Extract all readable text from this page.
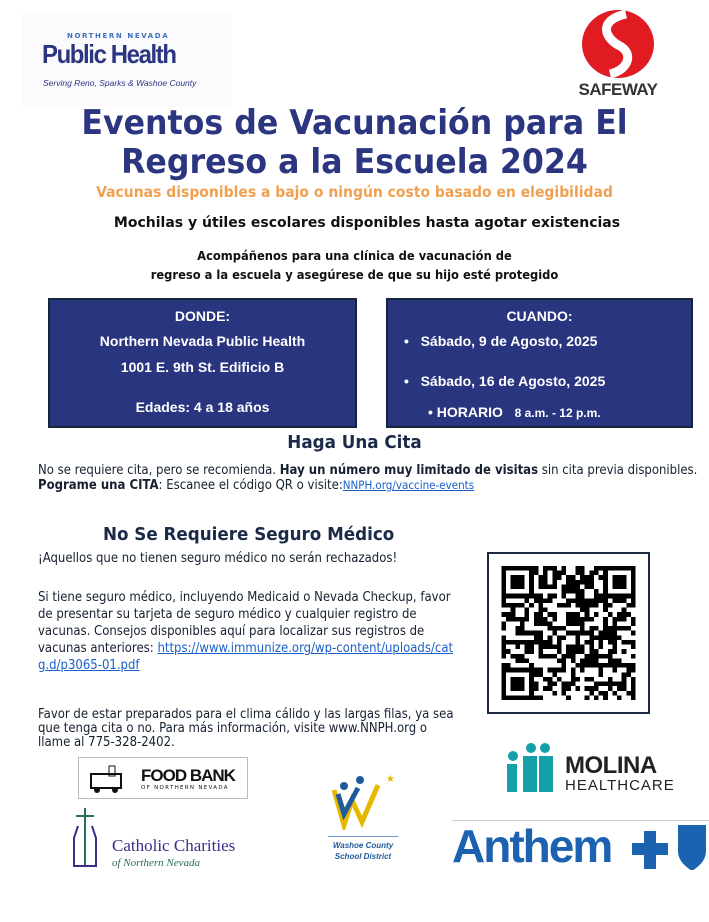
NORTHERN NEVADA
Public Health
Serving Reno, Sparks & Washoe County	SAFEWAY
Eventos de Vacunación para El
Regreso a la Escuela 2024
Vacunas disponibles a bajo o ningún costo basado en elegibilidad
Mochilas y útiles escolares disponibles hasta agotar existencias
Acompáñenos para una clínica de vacunación de
regreso a la escuela y asegúrese de que su hijo esté protegido
DONDE:
Northern Nevada Public Health
1001 E. 9th St. Edificio B
Edades: 4 a 18 años
CUANDO:
•   Sábado, 9 de Agosto, 2025
•   Sábado, 16 de Agosto, 2025
• HORARIO 8 a.m. - 12 p.m.
Haga Una Cita
No se requiere cita, pero se recomienda. Hay un número muy limitado de visitas sin cita previa disponibles.
Pograme una CITA: Escanee el código QR o visite:NNPH.org/vaccine-events
No Se Requiere Seguro Médico
¡Aquellos que no tienen seguro médico no serán rechazados!
Si tiene seguro médico, incluyendo Medicaid o Nevada Checkup, favor de presentar su tarjeta de seguro médico y cualquier registro de vacunas. Consejos disponibles aquí para localizar sus registros de vacunas anteriores: https://www.immunize.org/wp-content/uploads/catg.d/p3065-01.pdf
Favor de estar preparados para el clima cálido y las largas filas, ya sea que tenga cita o no. Para más información, visite www.NNPH.org o llame al 775-328-2402.
FOOD BANK
OF NORTHERN NEVADA
Catholic Charities
of Northern Nevada
★
Washoe County
School District
MOLINA
HEALTHCARE
Anthem
